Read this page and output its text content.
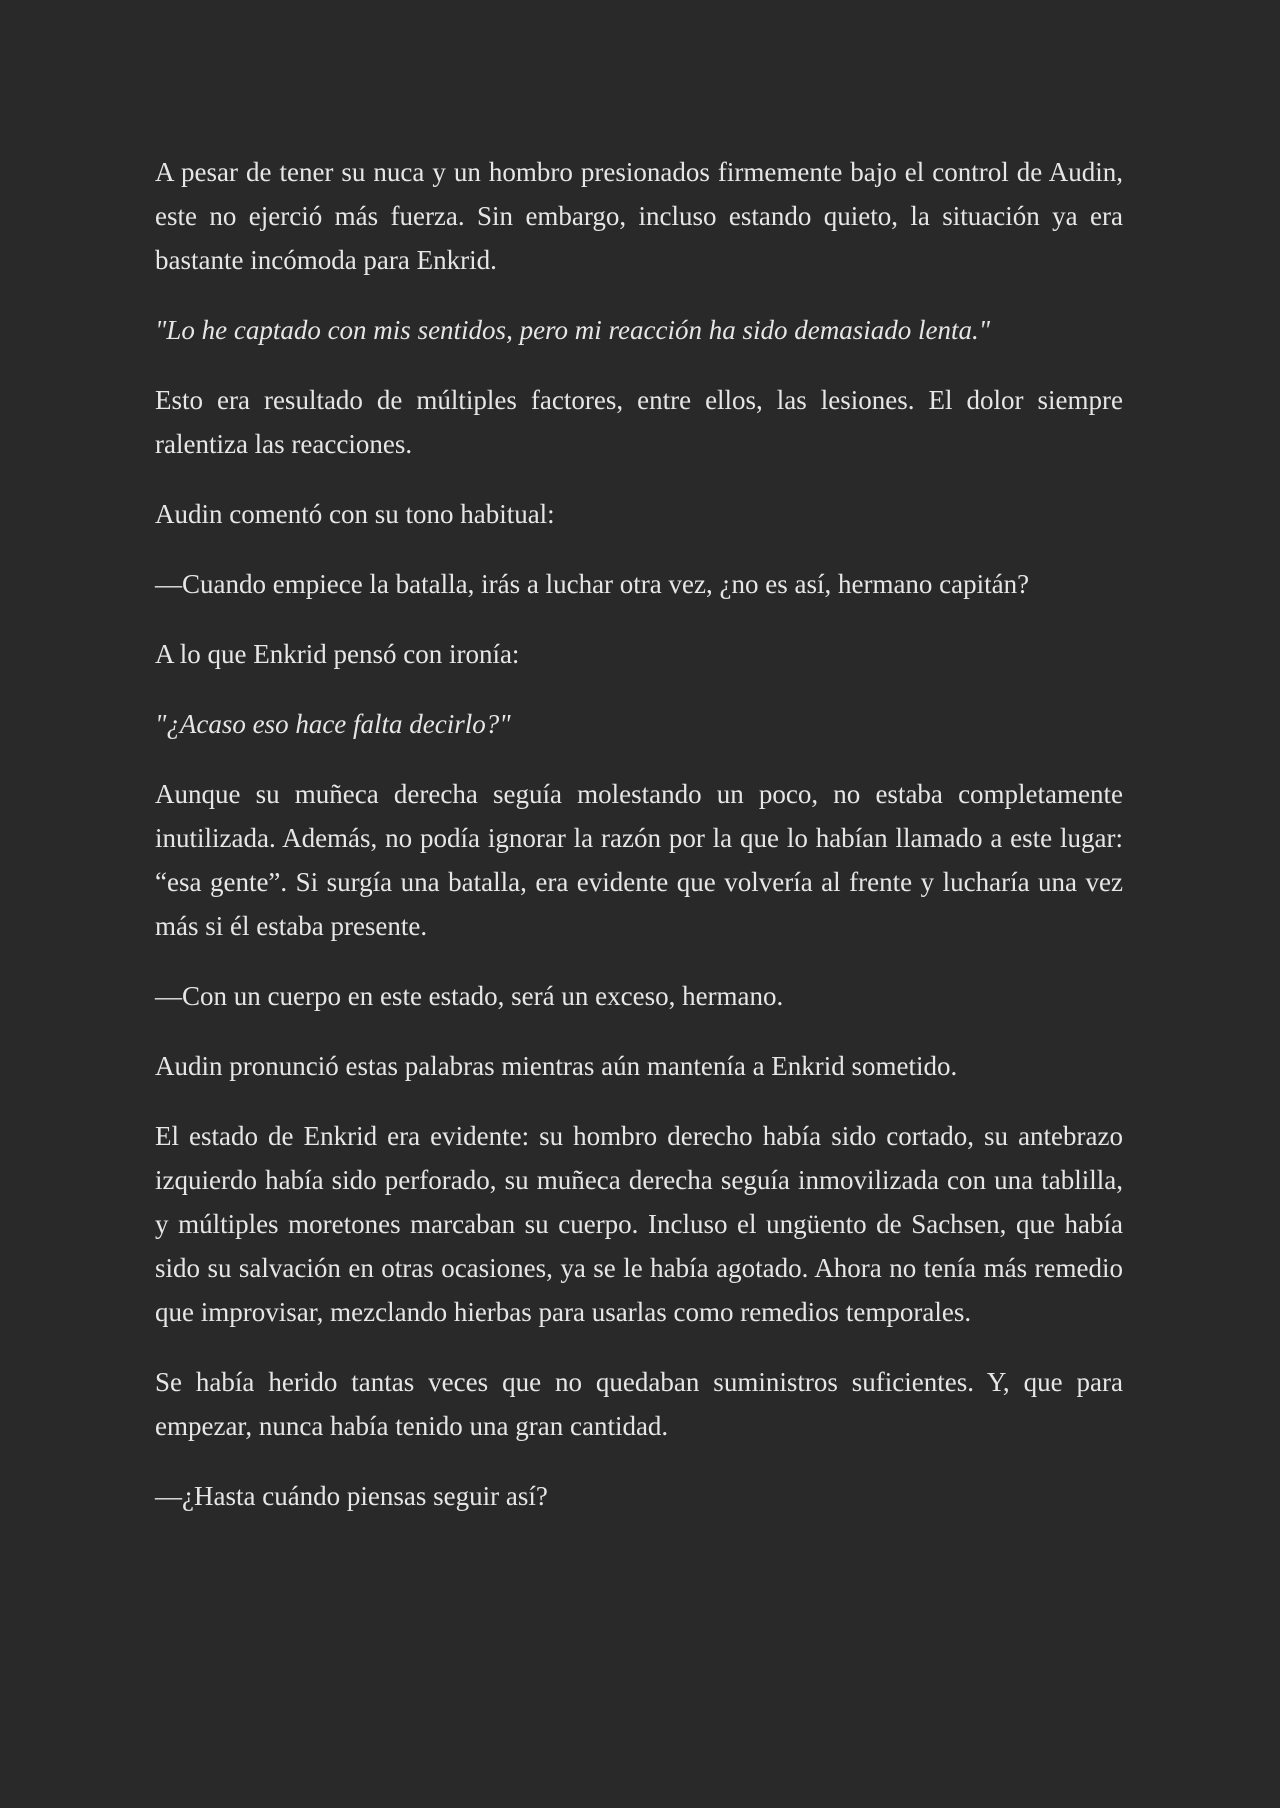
A pesar de tener su nuca y un hombro presionados firmemente bajo el control de Audin, este no ejerció más fuerza. Sin embargo, incluso estando quieto, la situación ya era bastante incómoda para Enkrid.

"Lo he captado con mis sentidos, pero mi reacción ha sido demasiado lenta."

Esto era resultado de múltiples factores, entre ellos, las lesiones. El dolor siempre ralentiza las reacciones.

Audin comentó con su tono habitual:

—Cuando empiece la batalla, irás a luchar otra vez, ¿no es así, hermano capitán?

A lo que Enkrid pensó con ironía:

"¿Acaso eso hace falta decirlo?"

Aunque su muñeca derecha seguía molestando un poco, no estaba completamente inutilizada. Además, no podía ignorar la razón por la que lo habían llamado a este lugar: “esa gente”. Si surgía una batalla, era evidente que volvería al frente y lucharía una vez más si él estaba presente.

—Con un cuerpo en este estado, será un exceso, hermano.

Audin pronunció estas palabras mientras aún mantenía a Enkrid sometido.

El estado de Enkrid era evidente: su hombro derecho había sido cortado, su antebrazo izquierdo había sido perforado, su muñeca derecha seguía inmovilizada con una tablilla, y múltiples moretones marcaban su cuerpo. Incluso el ungüento de Sachsen, que había sido su salvación en otras ocasiones, ya se le había agotado. Ahora no tenía más remedio que improvisar, mezclando hierbas para usarlas como remedios temporales.

Se había herido tantas veces que no quedaban suministros suficientes. Y, que para empezar, nunca había tenido una gran cantidad.

—¿Hasta cuándo piensas seguir así?
